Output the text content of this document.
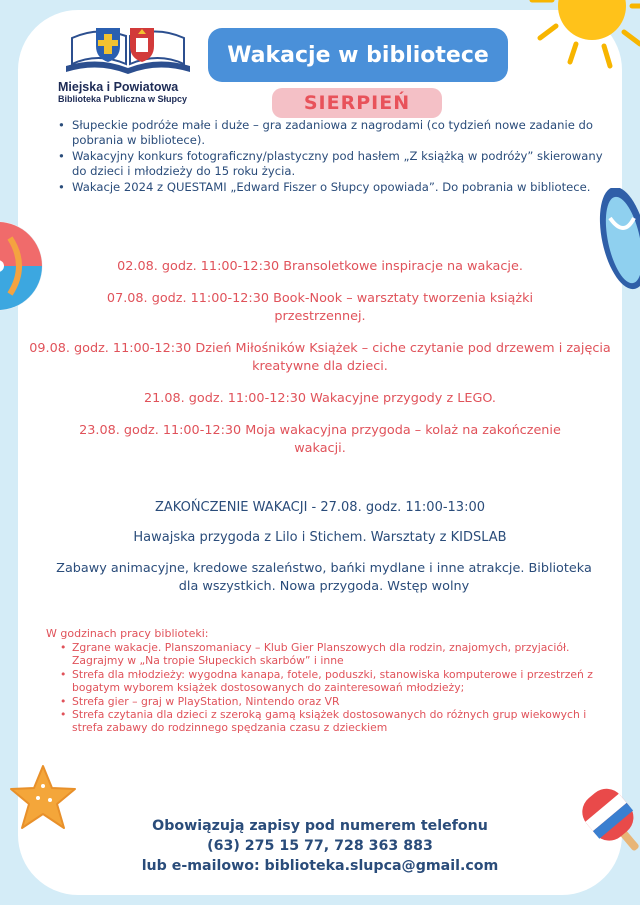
Miejska i Powiatowa
Biblioteka Publiczna w Słupcy
Wakacje w bibliotece
SIERPIEŃ
• Słupeckie podróże małe i duże – gra zadaniowa z nagrodami (co tydzień nowe zadanie do pobrania w bibliotece).
• Wakacyjny konkurs fotograficzny/plastyczny pod hasłem „Z książką w podróży” skierowany do dzieci i młodzieży do 15 roku życia.
• Wakacje 2024 z QUESTAMI „Edward Fiszer o Słupcy opowiada”. Do pobrania w bibliotece.
02.08. godz. 11:00-12:30 Bransoletkowe inspiracje na wakacje.
07.08. godz. 11:00-12:30 Book-Nook – warsztaty tworzenia książki przestrzennej.
09.08. godz. 11:00-12:30 Dzień Miłośników Książek – ciche czytanie pod drzewem i zajęcia kreatywne dla dzieci.
21.08. godz. 11:00-12:30 Wakacyjne przygody z LEGO.
23.08. godz. 11:00-12:30 Moja wakacyjna przygoda – kolaż na zakończenie wakacji.
ZAKOŃCZENIE WAKACJI - 27.08. godz. 11:00-13:00
Hawajska przygoda z Lilo i Stichem. Warsztaty z KIDSLAB
Zabawy animacyjne, kredowe szaleństwo, bańki mydlane i inne atrakcje. Biblioteka dla wszystkich. Nowa przygoda. Wstęp wolny
W godzinach pracy biblioteki:
• Zgrane wakacje. Planszomaniacy – Klub Gier Planszowych dla rodzin, znajomych, przyjaciół. Zagrajmy w „Na tropie Słupeckich skarbów” i inne
• Strefa dla młodzieży: wygodna kanapa, fotele, poduszki, stanowiska komputerowe i przestrzeń z bogatym wyborem książek dostosowanych do zainteresowań młodzieży;
• Strefa gier – graj w PlayStation, Nintendo oraz VR
• Strefa czytania dla dzieci z szeroką gamą książek dostosowanych do różnych grup wiekowych i strefa zabawy do rodzinnego spędzania czasu z dzieckiem
Obowiązują zapisy pod numerem telefonu
(63) 275 15 77, 728 363 883
lub e-mailowo: biblioteka.slupca@gmail.com
